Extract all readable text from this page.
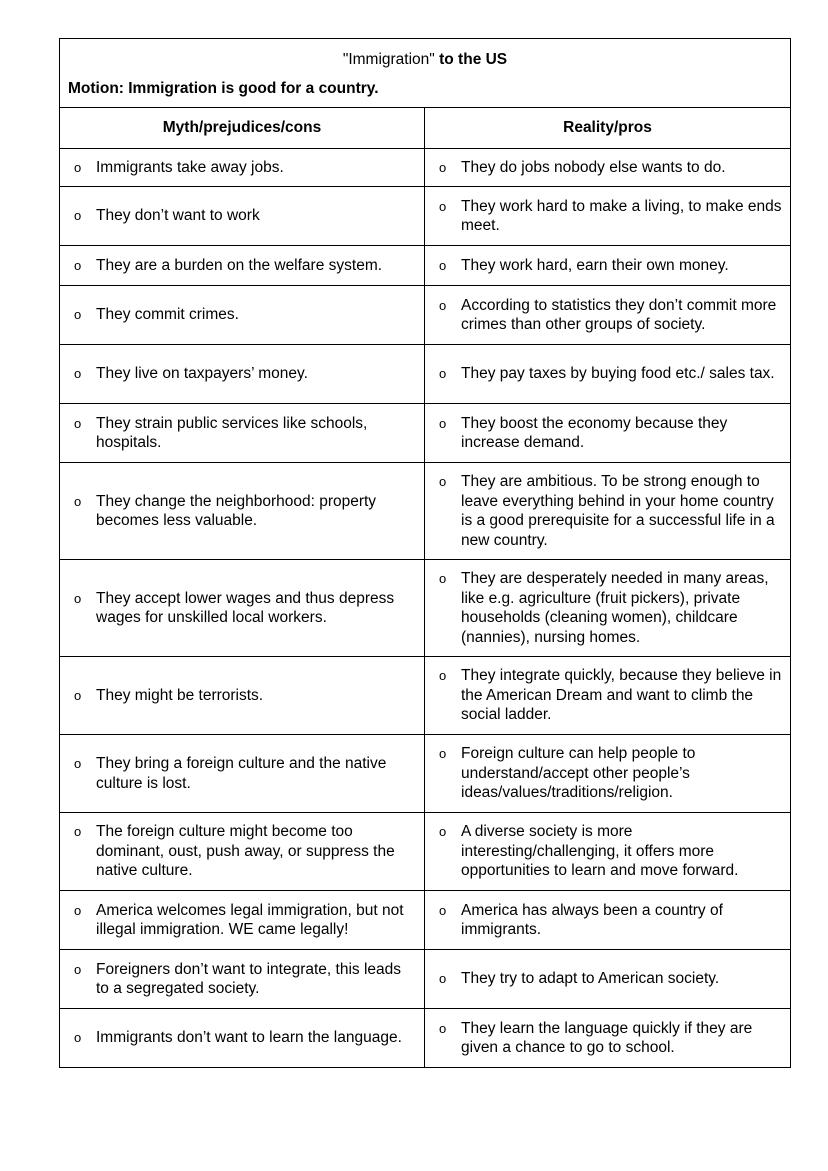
"Immigration" to the US
Motion: Immigration is good for a country.	

Myth/prejudices/cons	Reality/pros

o Immigrants take away jobs.	o They do jobs nobody else wants to do.

o They don’t want to work	o They work hard to make a living, to make ends meet.

o They are a burden on the welfare system.	o They work hard, earn their own money.

o They commit crimes.	o According to statistics they don’t commit more crimes than other groups of society.

o They live on taxpayers’ money.	o They pay taxes by buying food etc./ sales tax.

o They strain public services like schools, hospitals.	o They boost the economy because they increase demand.

o They change the neighborhood: property becomes less valuable.	o They are ambitious. To be strong enough to leave everything behind in your home country is a good prerequisite for a successful life in a new country.

o They accept lower wages and thus depress wages for unskilled local workers.	o They are desperately needed in many areas, like e.g. agriculture (fruit pickers), private households (cleaning women), childcare (nannies), nursing homes.

o They might be terrorists.	o They integrate quickly, because they believe in the American Dream and want to climb the social ladder.

o They bring a foreign culture and the native culture is lost.	o Foreign culture can help people to understand/accept other people’s ideas/values/traditions/religion.

o The foreign culture might become too dominant, oust, push away, or suppress the native culture.	o A diverse society is more interesting/challenging, it offers more opportunities to learn and move forward.

o America welcomes legal immigration, but not illegal immigration. WE came legally!	o America has always been a country of immigrants.

o Foreigners don’t want to integrate, this leads to a segregated society.	o They try to adapt to American society.

o Immigrants don’t want to learn the language.	o They learn the language quickly if they are given a chance to go to school.
